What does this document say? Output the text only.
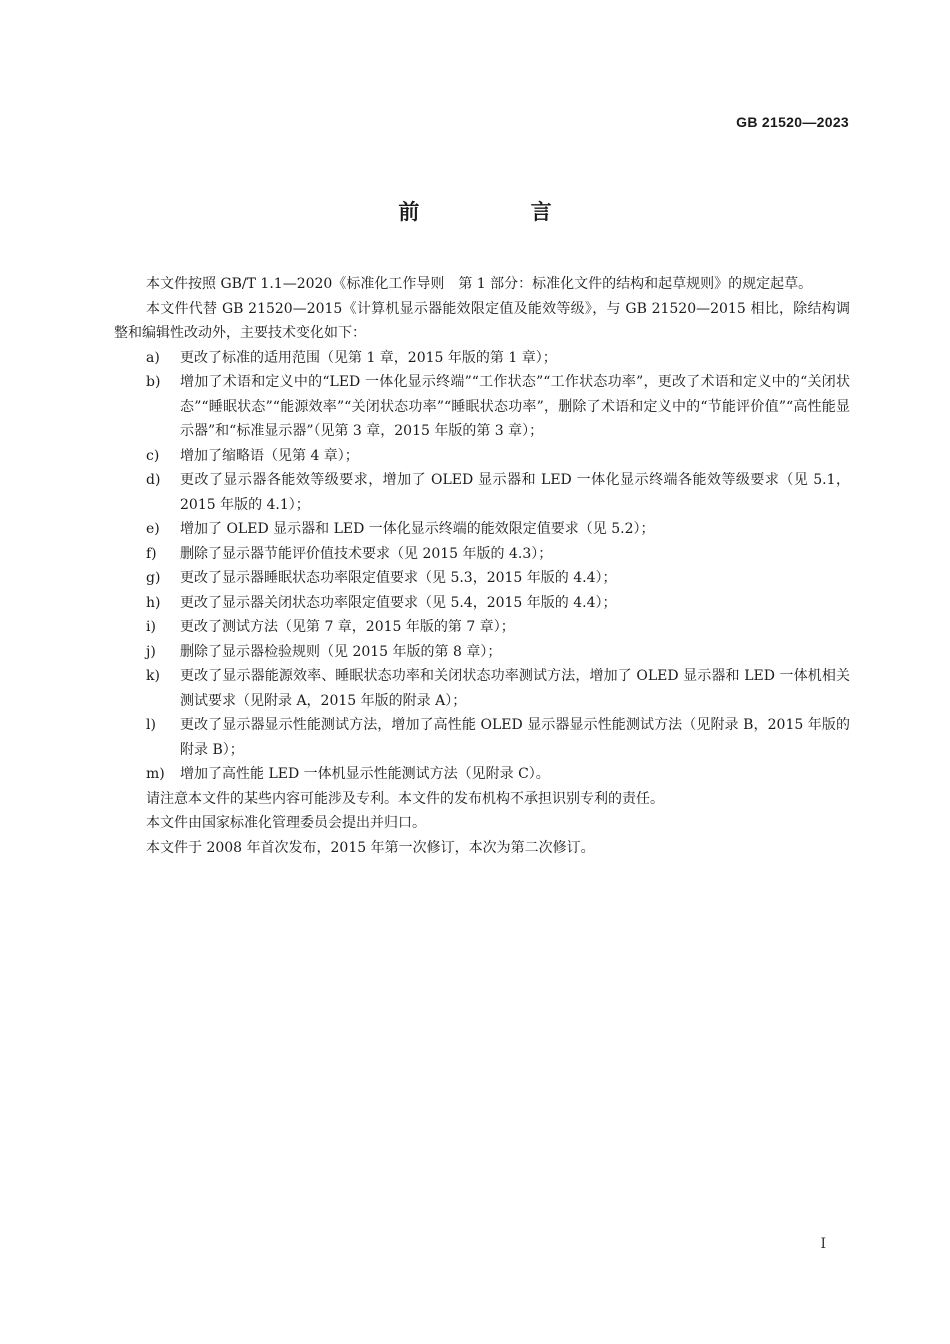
GB 21520—2023
前 言

本文件按照 GB/T 1.1—2020《标准化工作导则　第 1 部分：标准化文件的结构和起草规则》的规定起草。

本文件代替 GB 21520—2015《计算机显示器能效限定值及能效等级》，与 GB 21520—2015 相比，除结构调整和编辑性改动外，主要技术变化如下：

a) 更改了标准的适用范围（见第 1 章，2015 年版的第 1 章）；
b) 增加了术语和定义中的“LED 一体化显示终端”“工作状态”“工作状态功率”，更改了术语和定义中的“关闭状态”“睡眠状态”“能源效率”“关闭状态功率”“睡眠状态功率”，删除了术语和定义中的“节能评价值”“高性能显示器”和“标准显示器”（见第 3 章，2015 年版的第 3 章）；
c) 增加了缩略语（见第 4 章）；
d) 更改了显示器各能效等级要求，增加了 OLED 显示器和 LED 一体化显示终端各能效等级要求（见 5.1，2015 年版的 4.1）；
e) 增加了 OLED 显示器和 LED 一体化显示终端的能效限定值要求（见 5.2）；
f) 删除了显示器节能评价值技术要求（见 2015 年版的 4.3）；
g) 更改了显示器睡眠状态功率限定值要求（见 5.3，2015 年版的 4.4）；
h) 更改了显示器关闭状态功率限定值要求（见 5.4，2015 年版的 4.4）；
i) 更改了测试方法（见第 7 章，2015 年版的第 7 章）；
j) 删除了显示器检验规则（见 2015 年版的第 8 章）；
k) 更改了显示器能源效率、睡眠状态功率和关闭状态功率测试方法，增加了 OLED 显示器和 LED 一体机相关测试要求（见附录 A，2015 年版的附录 A）；
l) 更改了显示器显示性能测试方法，增加了高性能 OLED 显示器显示性能测试方法（见附录 B，2015 年版的附录 B）；
m) 增加了高性能 LED 一体机显示性能测试方法（见附录 C）。

请注意本文件的某些内容可能涉及专利。本文件的发布机构不承担识别专利的责任。

本文件由国家标准化管理委员会提出并归口。

本文件于 2008 年首次发布，2015 年第一次修订，本次为第二次修订。

Ⅰ
